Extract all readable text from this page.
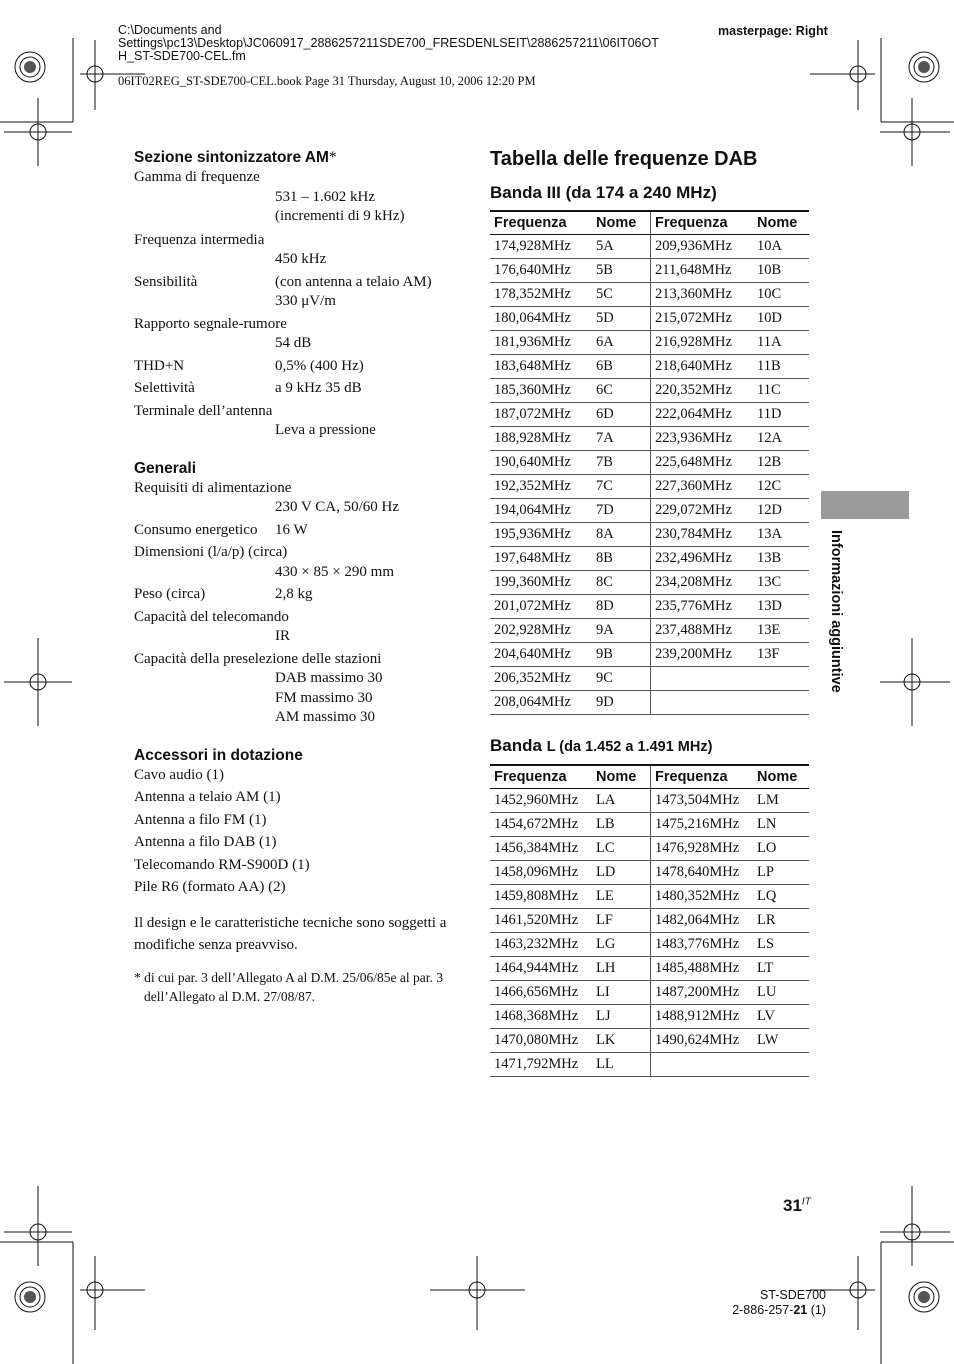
C:\Documents and
Settings\pc13\Desktop\JC060917_2886257211SDE700_FRESDENLSEIT\2886257211\06IT06OT
H_ST-SDE700-CEL.fm
masterpage: Right
06IT02REG_ST-SDE700-CEL.book Page 31 Thursday, August 10, 2006 12:20 PM
Sezione sintonizzatore AM*
Gamma di frequenze
531 – 1.602 kHz
(incrementi di 9 kHz)
Frequenza intermedia
450 kHz
Sensibilità	(con antenna a telaio AM)
330 μV/m
Rapporto segnale-rumore
54 dB
THD+N	0,5% (400 Hz)
Selettività	a 9 kHz 35 dB
Terminale dell’antenna
Leva a pressione
Generali
Requisiti di alimentazione
230 V CA, 50/60 Hz
Consumo energetico	16 W
Dimensioni (l/a/p) (circa)
430 × 85 × 290 mm
Peso (circa)	2,8 kg
Capacità del telecomando
IR
Capacità della preselezione delle stazioni
DAB massimo 30
FM massimo 30
AM massimo 30
Accessori in dotazione
Cavo audio (1)
Antenna a telaio AM (1)
Antenna a filo FM (1)
Antenna a filo DAB (1)
Telecomando RM-S900D (1)
Pile R6 (formato AA) (2)
Il design e le caratteristiche tecniche sono soggetti a modifiche senza preavviso.
* di cui par. 3 dell’Allegato A al D.M. 25/06/85e al par. 3 dell’Allegato al D.M. 27/08/87.
Tabella delle frequenze DAB
Banda III (da 174 a 240 MHz)
Frequenza	Nome	Frequenza	Nome
174,928MHz	5A	209,936MHz	10A
176,640MHz	5B	211,648MHz	10B
178,352MHz	5C	213,360MHz	10C
180,064MHz	5D	215,072MHz	10D
181,936MHz	6A	216,928MHz	11A
183,648MHz	6B	218,640MHz	11B
185,360MHz	6C	220,352MHz	11C
187,072MHz	6D	222,064MHz	11D
188,928MHz	7A	223,936MHz	12A
190,640MHz	7B	225,648MHz	12B
192,352MHz	7C	227,360MHz	12C
194,064MHz	7D	229,072MHz	12D
195,936MHz	8A	230,784MHz	13A
197,648MHz	8B	232,496MHz	13B
199,360MHz	8C	234,208MHz	13C
201,072MHz	8D	235,776MHz	13D
202,928MHz	9A	237,488MHz	13E
204,640MHz	9B	239,200MHz	13F
206,352MHz	9C		
208,064MHz	9D		
Banda L (da 1.452 a 1.491 MHz)
Frequenza	Nome	Frequenza	Nome
1452,960MHz	LA	1473,504MHz	LM
1454,672MHz	LB	1475,216MHz	LN
1456,384MHz	LC	1476,928MHz	LO
1458,096MHz	LD	1478,640MHz	LP
1459,808MHz	LE	1480,352MHz	LQ
1461,520MHz	LF	1482,064MHz	LR
1463,232MHz	LG	1483,776MHz	LS
1464,944MHz	LH	1485,488MHz	LT
1466,656MHz	LI	1487,200MHz	LU
1468,368MHz	LJ	1488,912MHz	LV
1470,080MHz	LK	1490,624MHz	LW
1471,792MHz	LL		
Informazioni aggiuntive
$31^{IT}$
ST-SDE700
2-886-257-21 (1)
